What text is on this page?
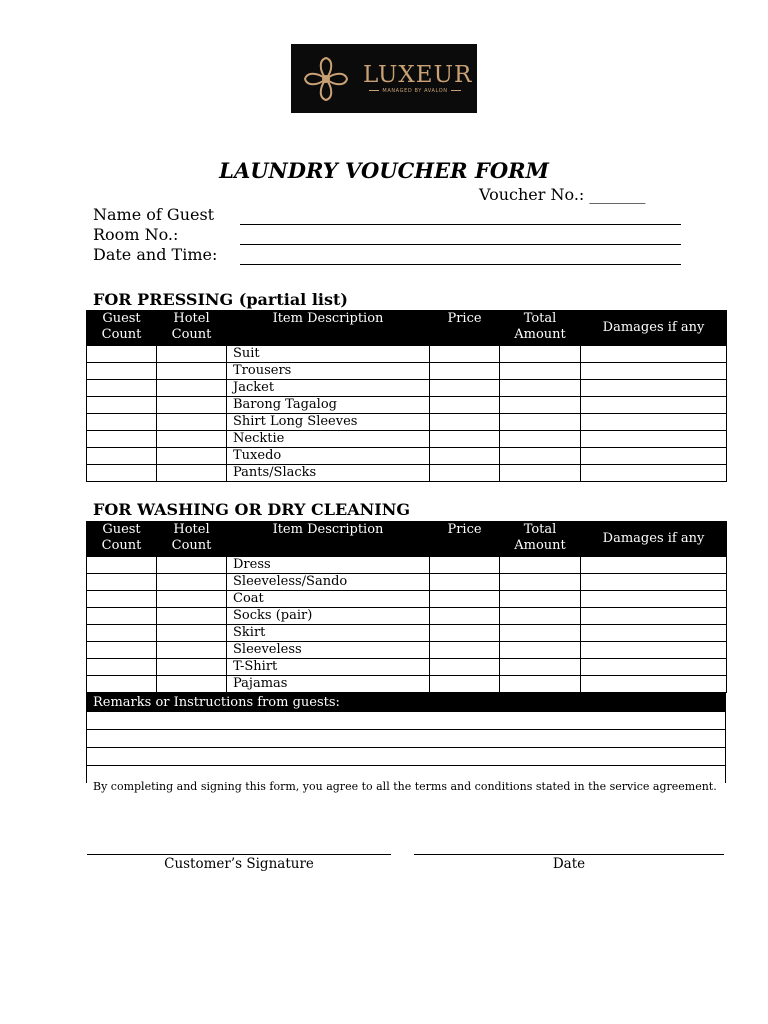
LUXEUR
MANAGED BY AVALON
LAUNDRY VOUCHER FORM
Voucher No.: _______
Name of Guest
Room No.:
Date and Time:
FOR PRESSING (partial list)
Guest Count	Hotel Count	Item Description	Price	Total Amount	Damages if any
		Suit			
		Trousers			
		Jacket			
		Barong Tagalog			
		Shirt Long Sleeves			
		Necktie			
		Tuxedo			
		Pants/Slacks			
FOR WASHING OR DRY CLEANING
Guest Count	Hotel Count	Item Description	Price	Total Amount	Damages if any
		Dress			
		Sleeveless/Sando			
		Coat			
		Socks (pair)			
		Skirt			
		Sleeveless			
		T-Shirt			
		Pajamas			
Remarks or Instructions from guests:
By completing and signing this form, you agree to all the terms and conditions stated in the service agreement.
Customer’s Signature	Date
